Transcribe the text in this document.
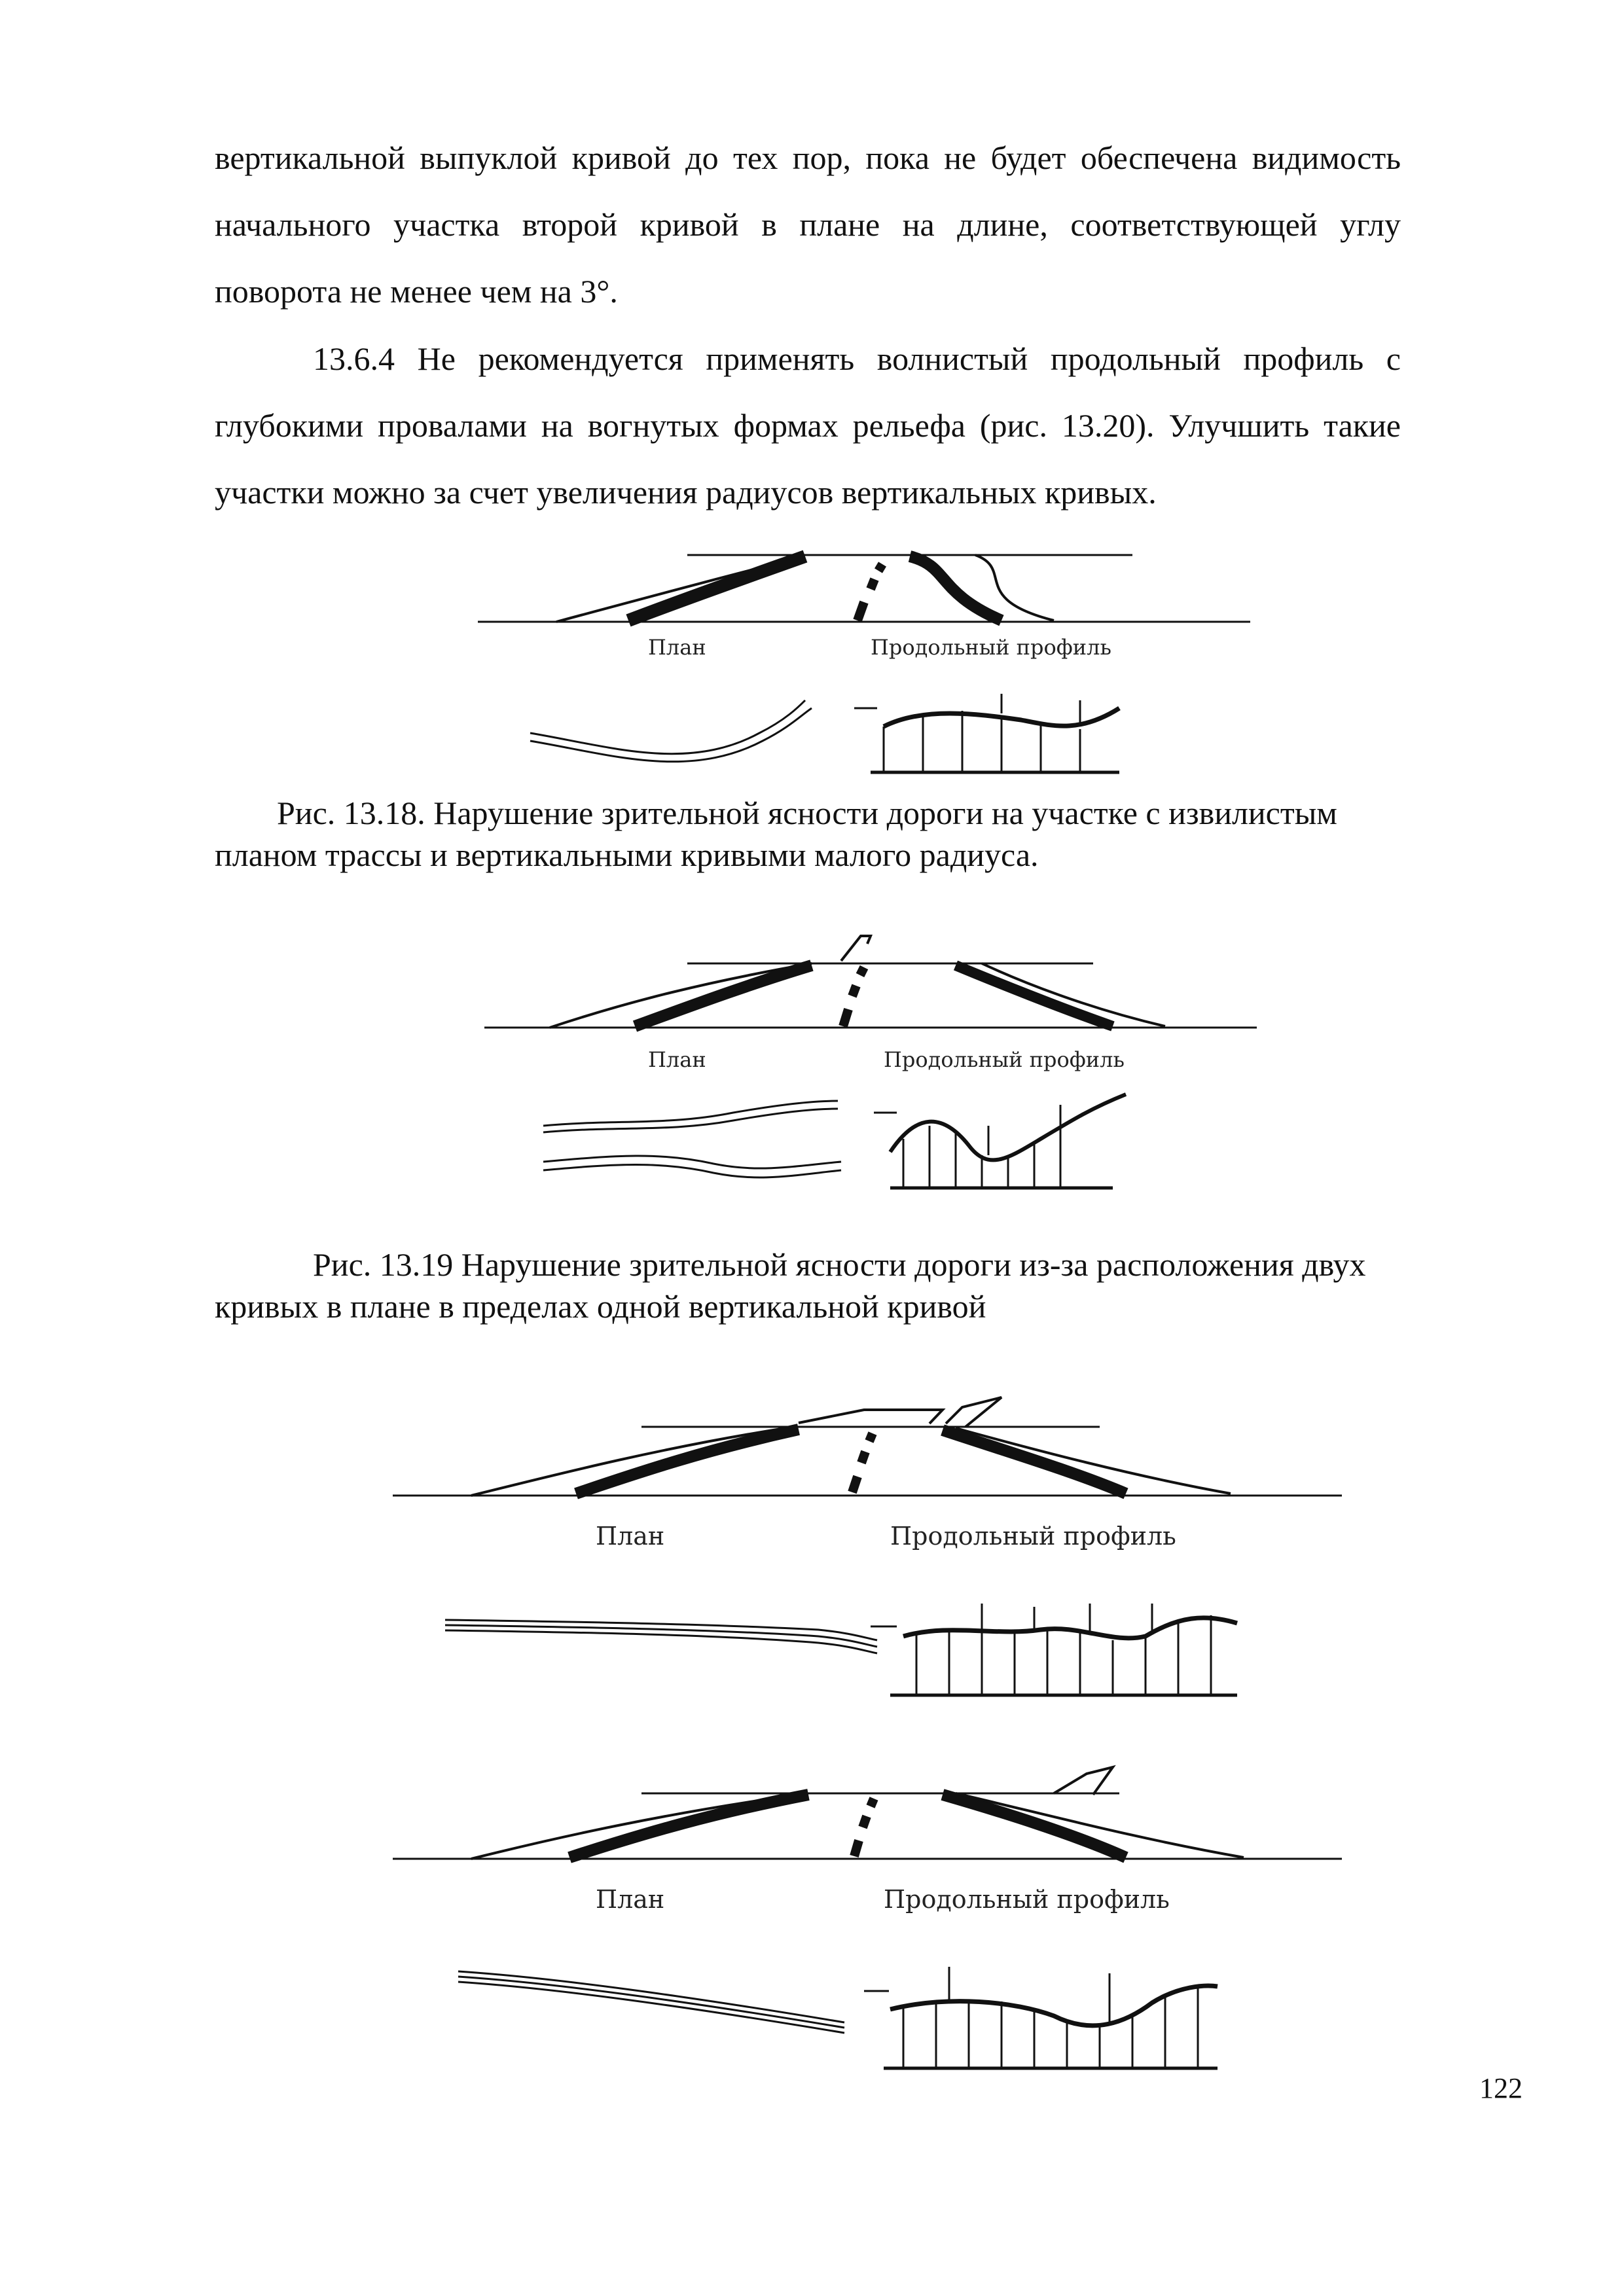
вертикальной выпуклой кривой до тех пор, пока не будет обеспечена видимость
начального участка второй кривой в плане на длине, соответствующей углу
поворота не менее чем на 3°.
13.6.4 Не рекомендуется применять волнистый продольный профиль с
глубокими провалами на вогнутых формах рельефа (рис. 13.20). Улучшить такие
участки можно за счет увеличения радиусов вертикальных кривых.
План	Продольный профиль
Рис. 13.18. Нарушение зрительной ясности дороги на участке с извилистым
планом трассы и вертикальными кривыми малого радиуса.
План	Продольный профиль
Рис. 13.19 Нарушение зрительной ясности дороги из-за расположения двух
кривых в плане в пределах одной вертикальной кривой
План	Продольный профиль
План	Продольный профиль
122
